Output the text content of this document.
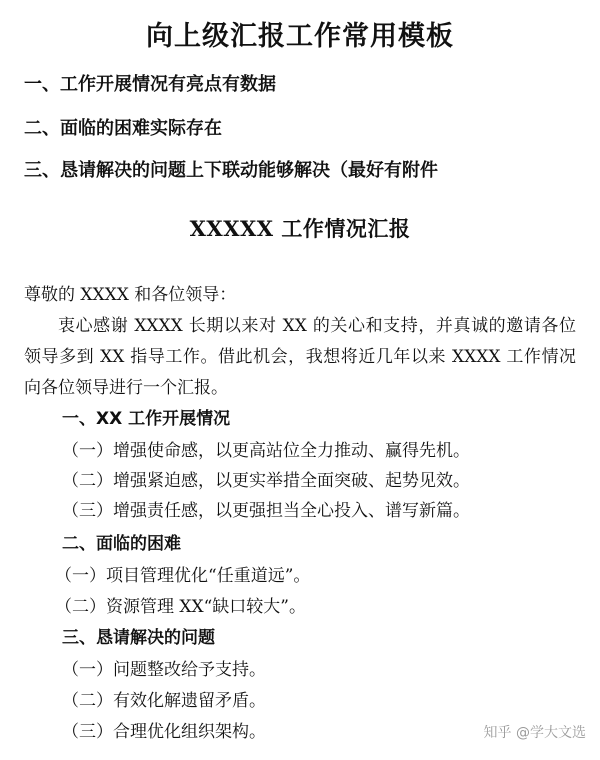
向上级汇报工作常用模板
一、工作开展情况有亮点有数据
二、面临的困难实际存在
三、恳请解决的问题上下联动能够解决（最好有附件
XXXXX 工作情况汇报
尊敬的 XXXX 和各位领导：
衷心感谢 XXXX 长期以来对 XX 的关心和支持，并真诚的邀请各位领导多到 XX 指导工作。借此机会，我想将近几年以来 XXXX 工作情况向各位领导进行一个汇报。
一、XX 工作开展情况
（一）增强使命感，以更高站位全力推动、赢得先机。
（二）增强紧迫感，以更实举措全面突破、起势见效。
（三）增强责任感，以更强担当全心投入、谱写新篇。
二、面临的困难
（一）项目管理优化“任重道远”。
（二）资源管理 XX“缺口较大”。
三、恳请解决的问题
（一）问题整改给予支持。
（二）有效化解遗留矛盾。
（三）合理优化组织架构。	知乎 @学大文选
